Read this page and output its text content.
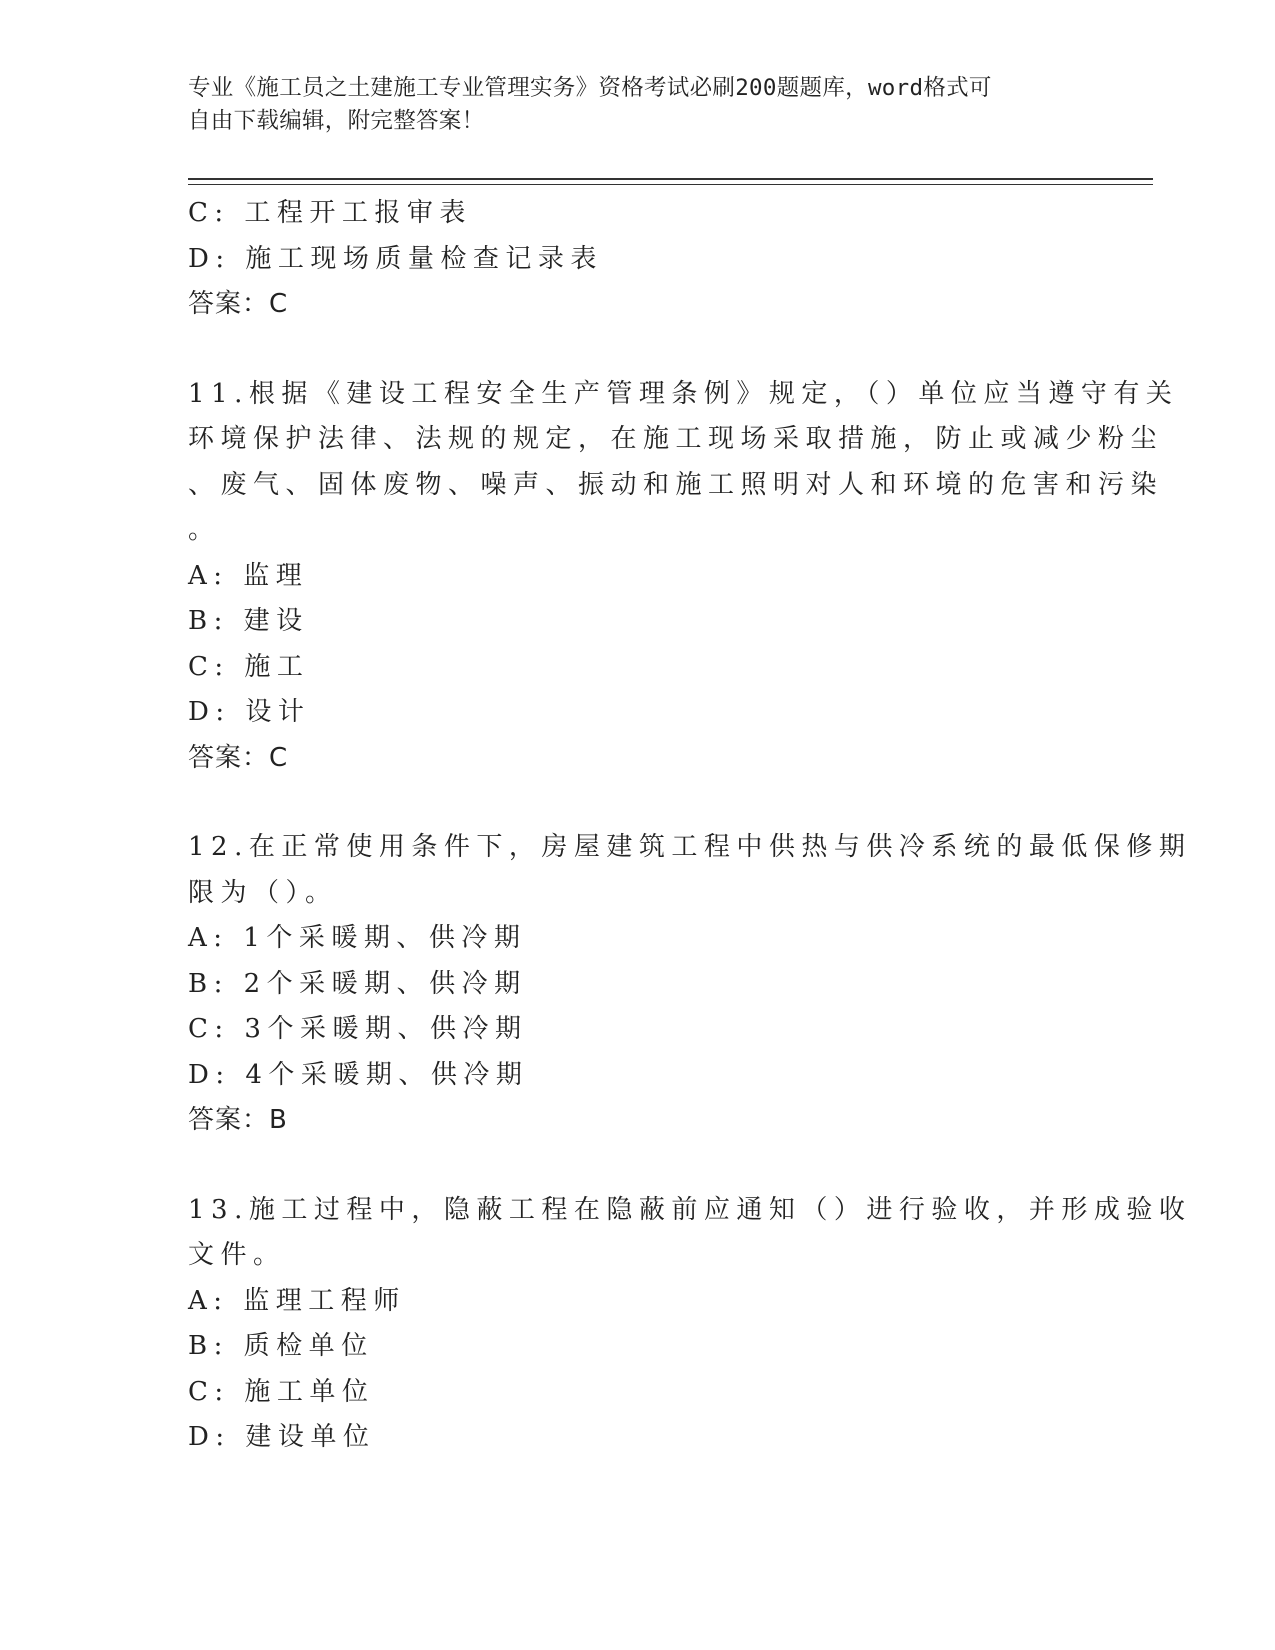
专业《施工员之土建施工专业管理实务》资格考试必刷200题题库，word格式可
自由下载编辑，附完整答案！
C: 工程开工报审表
D: 施工现场质量检查记录表
答案：C
11.根据《建设工程安全生产管理条例》规定，（）单位应当遵守有关
环境保护法律、法规的规定，在施工现场采取措施，防止或减少粉尘
、废气、固体废物、噪声、振动和施工照明对人和环境的危害和污染
。
A: 监理
B: 建设
C: 施工
D: 设计
答案：C
12.在正常使用条件下，房屋建筑工程中供热与供冷系统的最低保修期
限为（）。
A: 1个采暖期、供冷期
B: 2个采暖期、供冷期
C: 3个采暖期、供冷期
D: 4个采暖期、供冷期
答案：B
13.施工过程中，隐蔽工程在隐蔽前应通知（）进行验收，并形成验收
文件。
A: 监理工程师
B: 质检单位
C: 施工单位
D: 建设单位
